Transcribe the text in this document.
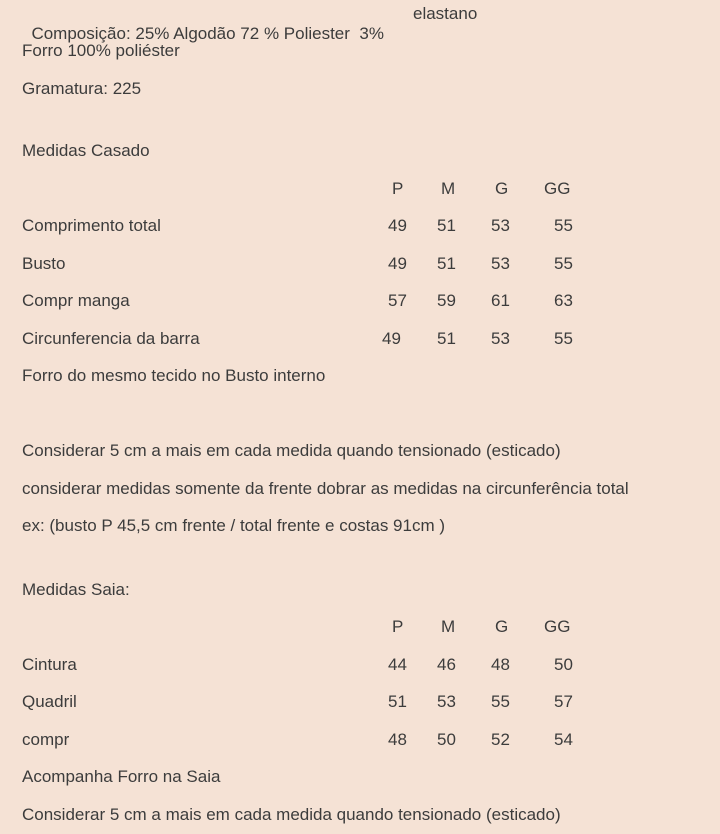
Composição: 25% Algodão 72 % Poliester  3%

elastano
Forro 100% poliéster
Gramatura: 225
Medidas Casado
P M G GG
Comprimento total	49 51 53	55
Busto	49 51 53	55
Compr manga	57 59 61	63
Circunferencia da barra	49 51 53	55
Forro do mesmo tecido no Busto interno
Considerar 5 cm a mais em cada medida quando tensionado (esticado)
considerar medidas somente da frente dobrar as medidas na circunferência total
ex: (busto P 45,5 cm frente / total frente e costas 91cm )
Medidas Saia:
P M G GG
Cintura	44 46 48	50
Quadril	51 53 55	57
compr	48 50 52	54
Acompanha Forro na Saia
Considerar 5 cm a mais em cada medida quando tensionado (esticado)
